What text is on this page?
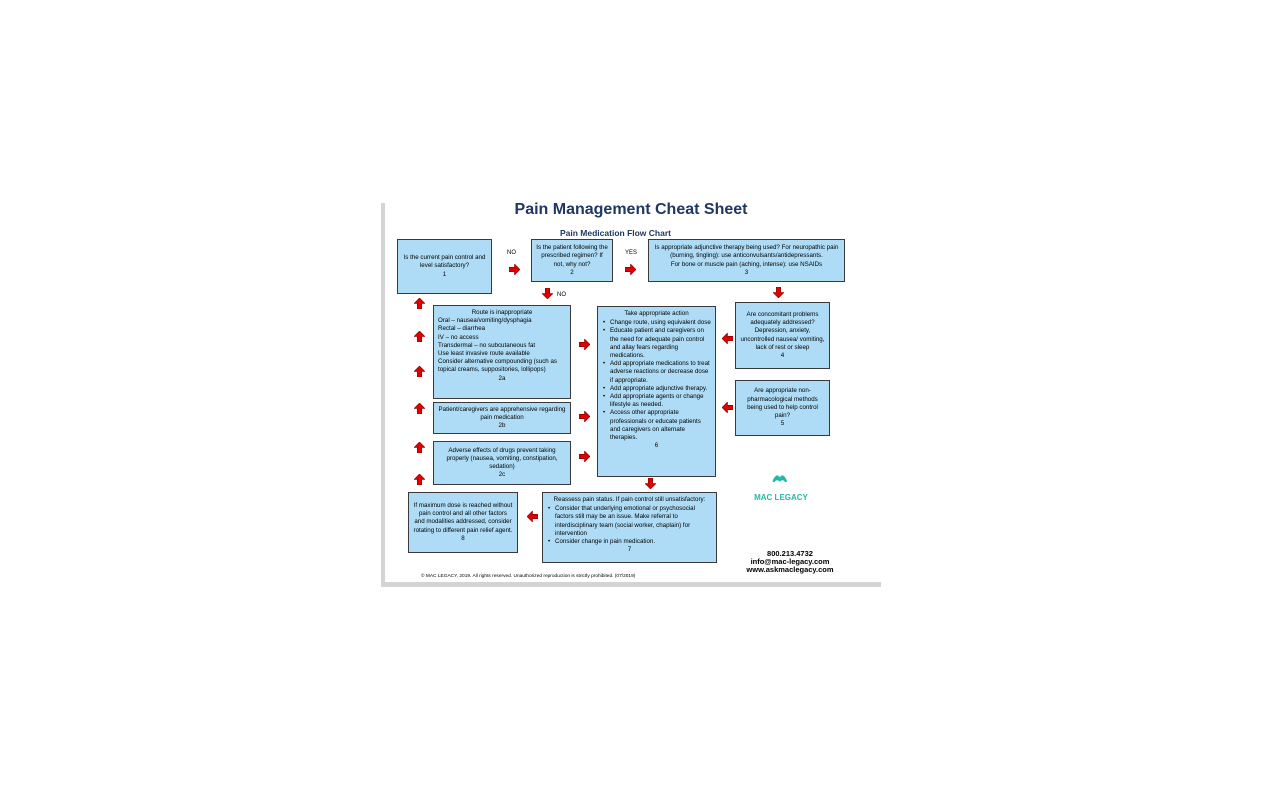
Pain Management Cheat Sheet
Pain Medication Flow Chart
Is the current pain control and level satisfactory?
1
Is the patient following the prescribed regimen? If not, why not?
2
Is appropriate adjunctive therapy being used? For neuropathic pain (burning, tingling): use anticonvulsants/antidepressants.
For bone or muscle pain (aching, intense): use NSAIDs
3
Route is inappropriate
Oral – nausea/vomiting/dysphagia
Rectal – diarrhea
IV – no access
Transdermal – no subcutaneous fat
Use least invasive route available
Consider alternative compounding (such as topical creams, suppositories, lollipops)
2a
Patient/caregivers are apprehensive regarding pain medication
2b
Adverse effects of drugs prevent taking properly (nausea, vomiting, constipation, sedation)
2c
Take appropriate action
• Change route, using equivalent dose
• Educate patient and caregivers on the need for adequate pain control and allay fears regarding medications.
• Add appropriate medications to treat adverse reactions or decrease dose if appropriate.
• Add appropriate adjunctive therapy.
• Add appropriate agents or change lifestyle as needed.
• Access other appropriate professionals or educate patients and caregivers on alternate therapies.
6
Are concomitant problems adequately addressed? Depression, anxiety, uncontrolled nausea/ vomiting, lack of rest or sleep
4
Are appropriate non-pharmacological methods being used to help control pain?
5
Reassess pain status. If pain control still unsatisfactory:
• Consider that underlying emotional or psychosocial factors still may be an issue. Make referral to interdisciplinary team (social worker, chaplain) for intervention
• Consider change in pain medication.
7
If maximum dose is reached without pain control and all other factors and modalities addressed, consider rotating to different pain relief agent.
8
NO	YES
NO
MAC LEGACY
800.213.4732
info@mac-legacy.com
www.askmaclegacy.com
© MAC LEGACY, 2019. All rights reserved. Unauthorized reproduction is strictly prohibited. (07/2019)
